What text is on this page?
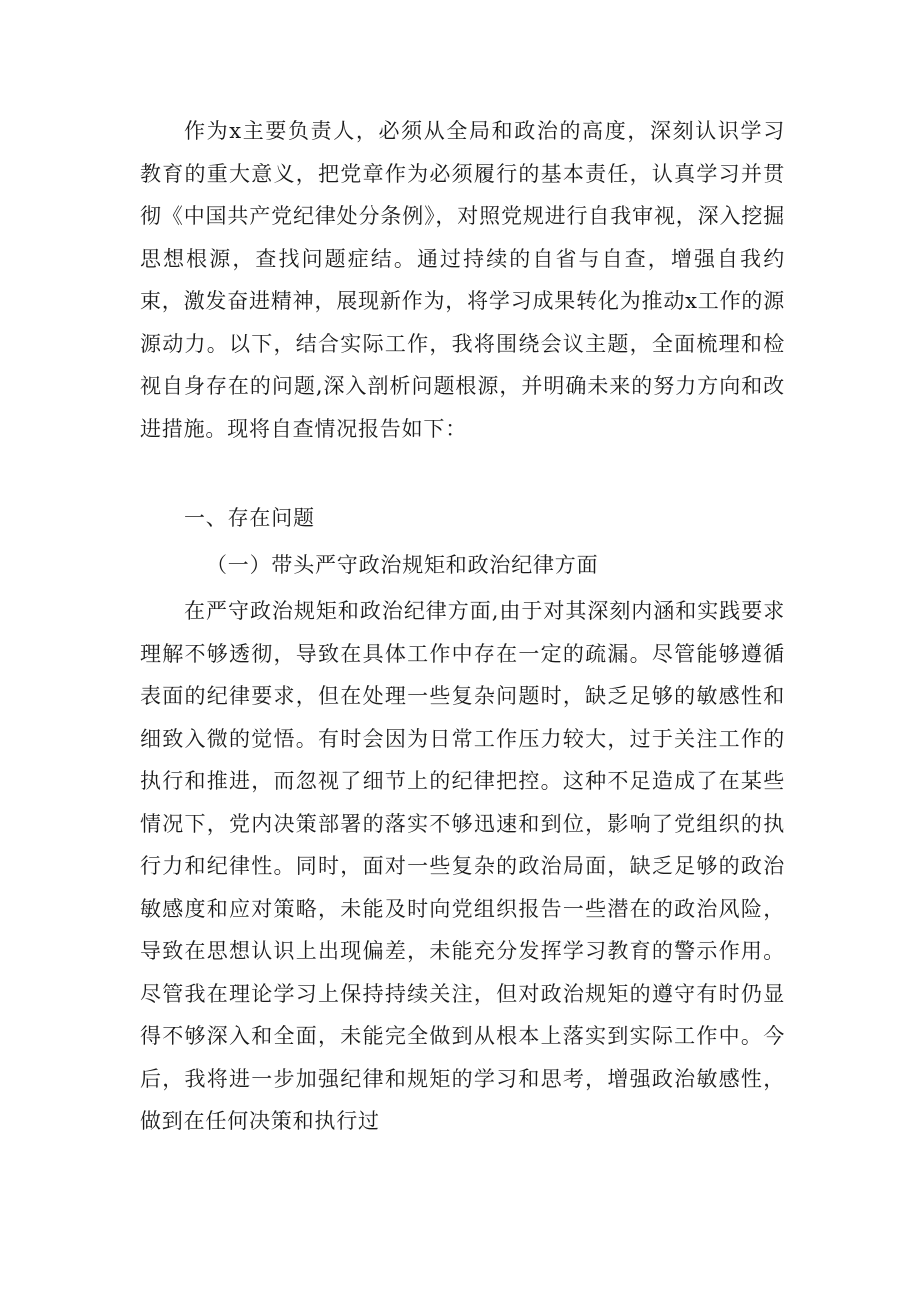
作为x主要负责人，必须从全局和政治的高度，深刻认识学习教育的重大意义，把党章作为必须履行的基本责任，认真学习并贯彻《中国共产党纪律处分条例》，对照党规进行自我审视，深入挖掘思想根源，查找问题症结。通过持续的自省与自查，增强自我约束，激发奋进精神，展现新作为，将学习成果转化为推动x工作的源源动力。以下，结合实际工作，我将围绕会议主题，全面梳理和检视自身存在的问题,深入剖析问题根源，并明确未来的努力方向和改进措施。现将自查情况报告如下：

一、存在问题

（一）带头严守政治规矩和政治纪律方面

在严守政治规矩和政治纪律方面,由于对其深刻内涵和实践要求理解不够透彻，导致在具体工作中存在一定的疏漏。尽管能够遵循表面的纪律要求，但在处理一些复杂问题时，缺乏足够的敏感性和细致入微的觉悟。有时会因为日常工作压力较大，过于关注工作的执行和推进，而忽视了细节上的纪律把控。这种不足造成了在某些情况下，党内决策部署的落实不够迅速和到位，影响了党组织的执行力和纪律性。同时，面对一些复杂的政治局面，缺乏足够的政治敏感度和应对策略，未能及时向党组织报告一些潜在的政治风险，导致在思想认识上出现偏差，未能充分发挥学习教育的警示作用。尽管我在理论学习上保持持续关注，但对政治规矩的遵守有时仍显得不够深入和全面，未能完全做到从根本上落实到实际工作中。今后，我将进一步加强纪律和规矩的学习和思考，增强政治敏感性，做到在任何决策和执行过
